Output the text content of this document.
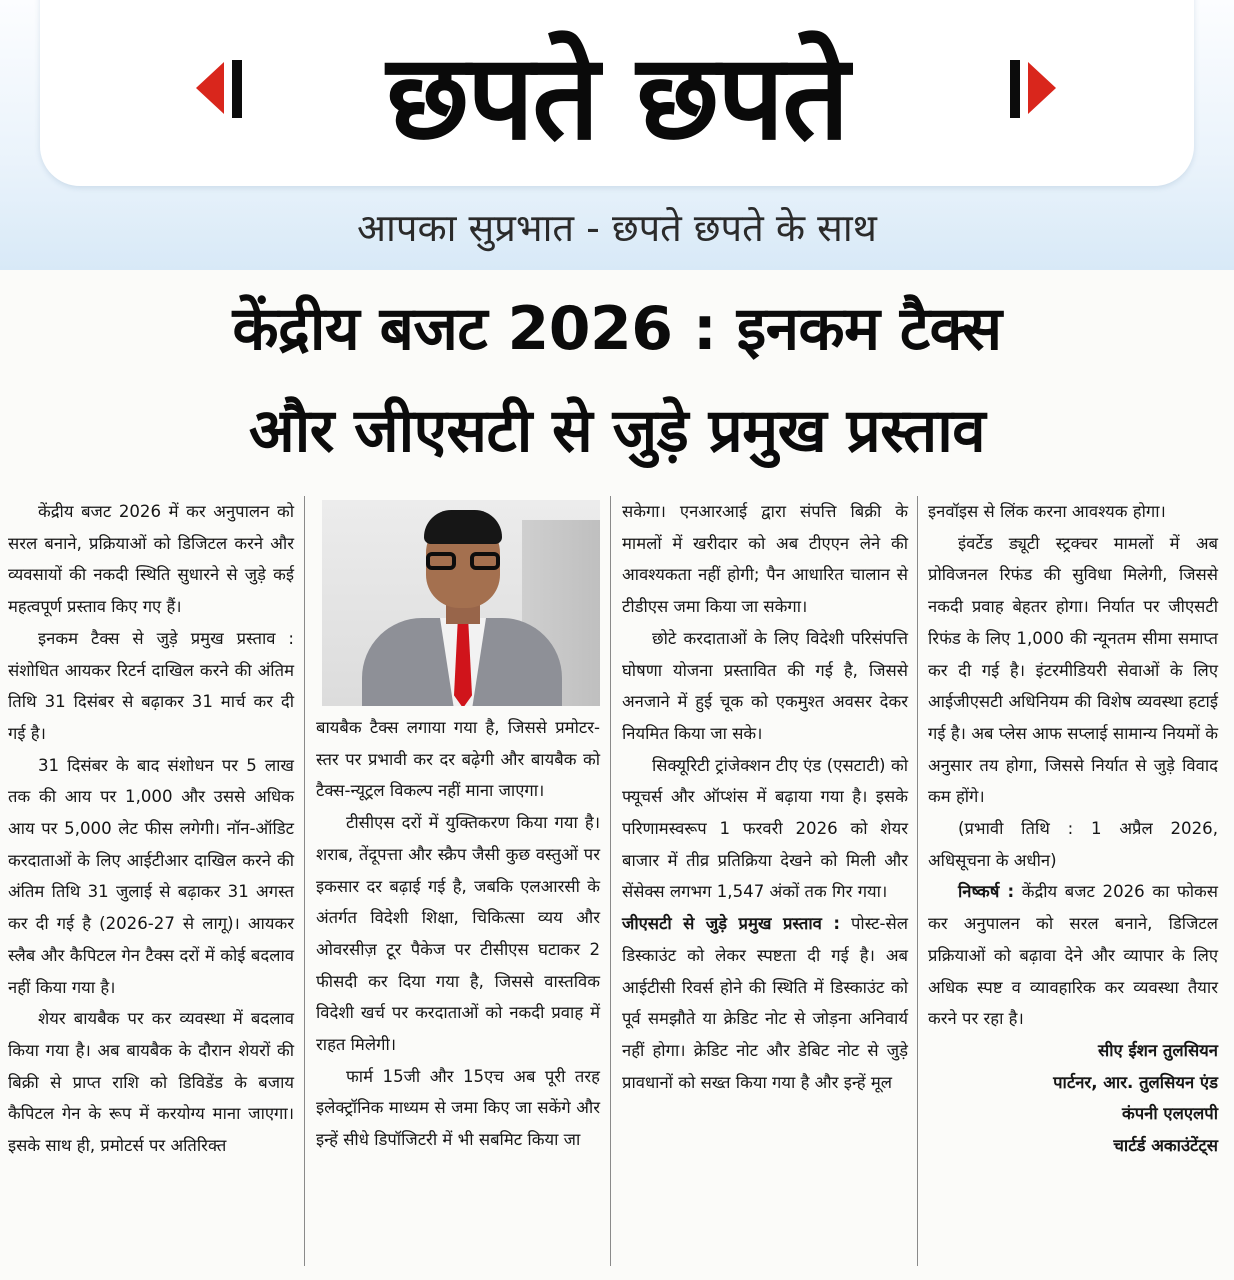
छपते छपते
आपका सुप्रभात - छपते छपते के साथ
केंद्रीय बजट 2026 : इनकम टैक्स
और जीएसटी से जुड़े प्रमुख प्रस्ताव

केंद्रीय बजट 2026 में कर अनुपालन को सरल बनाने, प्रक्रियाओं को डिजिटल करने और व्यवसायों की नकदी स्थिति सुधारने से जुड़े कई महत्वपूर्ण प्रस्ताव किए गए हैं।

इनकम टैक्स से जुड़े प्रमुख प्रस्ताव : संशोधित आयकर रिटर्न दाखिल करने की अंतिम तिथि 31 दिसंबर से बढ़ाकर 31 मार्च कर दी गई है।

31 दिसंबर के बाद संशोधन पर 5 लाख तक की आय पर 1,000 और उससे अधिक आय पर 5,000 लेट फीस लगेगी। नॉन-ऑडिट करदाताओं के लिए आईटीआर दाखिल करने की अंतिम तिथि 31 जुलाई से बढ़ाकर 31 अगस्त कर दी गई है (2026-27 से लागू)। आयकर स्लैब और कैपिटल गेन टैक्स दरों में कोई बदलाव नहीं किया गया है।

शेयर बायबैक पर कर व्यवस्था में बदलाव किया गया है। अब बायबैक के दौरान शेयरों की बिक्री से प्राप्त राशि को डिविडेंड के बजाय कैपिटल गेन के रूप में करयोग्य माना जाएगा। इसके साथ ही, प्रमोटर्स पर अतिरिक्त

बायबैक टैक्स लगाया गया है, जिससे प्रमोटर-स्तर पर प्रभावी कर दर बढ़ेगी और बायबैक को टैक्स-न्यूट्रल विकल्प नहीं माना जाएगा।

टीसीएस दरों में युक्तिकरण किया गया है। शराब, तेंदूपत्ता और स्क्रैप जैसी कुछ वस्तुओं पर इकसार दर बढ़ाई गई है, जबकि एलआरसी के अंतर्गत विदेशी शिक्षा, चिकित्सा व्यय और ओवरसीज़ टूर पैकेज पर टीसीएस घटाकर 2 फीसदी कर दिया गया है, जिससे वास्तविक विदेशी खर्च पर करदाताओं को नकदी प्रवाह में राहत मिलेगी।

फार्म 15जी और 15एच अब पूरी तरह इलेक्ट्रॉनिक माध्यम से जमा किए जा सकेंगे और इन्हें सीधे डिपॉजिटरी में भी सबमिट किया जा

सकेगा। एनआरआई द्वारा संपत्ति बिक्री के मामलों में खरीदार को अब टीएएन लेने की आवश्यकता नहीं होगी; पैन आधारित चालान से टीडीएस जमा किया जा सकेगा।

छोटे करदाताओं के लिए विदेशी परिसंपत्ति घोषणा योजना प्रस्तावित की गई है, जिससे अनजाने में हुई चूक को एकमुश्त अवसर देकर नियमित किया जा सके।

सिक्यूरिटी ट्रांजेक्शन टीए एंड (एसटाटी) को फ्यूचर्स और ऑप्शंस में बढ़ाया गया है। इसके परिणामस्वरूप 1 फरवरी 2026 को शेयर बाजार में तीव्र प्रतिक्रिया देखने को मिली और सेंसेक्स लगभग 1,547 अंकों तक गिर गया।

जीएसटी से जुड़े प्रमुख प्रस्ताव : पोस्ट-सेल डिस्काउंट को लेकर स्पष्टता दी गई है। अब आईटीसी रिवर्स होने की स्थिति में डिस्काउंट को पूर्व समझौते या क्रेडिट नोट से जोड़ना अनिवार्य नहीं होगा। क्रेडिट नोट और डेबिट नोट से जुड़े प्रावधानों को सख्त किया गया है और इन्हें मूल

इनवॉइस से लिंक करना आवश्यक होगा।

इंवर्टेड ड्यूटी स्ट्रक्चर मामलों में अब प्रोविजनल रिफंड की सुविधा मिलेगी, जिससे नकदी प्रवाह बेहतर होगा। निर्यात पर जीएसटी रिफंड के लिए 1,000 की न्यूनतम सीमा समाप्त कर दी गई है। इंटरमीडियरी सेवाओं के लिए आईजीएसटी अधिनियम की विशेष व्यवस्था हटाई गई है। अब प्लेस आफ सप्लाई सामान्य नियमों के अनुसार तय होगा, जिससे निर्यात से जुड़े विवाद कम होंगे।

(प्रभावी तिथि : 1 अप्रैल 2026, अधिसूचना के अधीन)

निष्कर्ष : केंद्रीय बजट 2026 का फोकस कर अनुपालन को सरल बनाने, डिजिटल प्रक्रियाओं को बढ़ावा देने और व्यापार के लिए अधिक स्पष्ट व व्यावहारिक कर व्यवस्था तैयार करने पर रहा है।

सीए ईशन तुलसियन

पार्टनर, आर. तुलसियन एंड

कंपनी एलएलपी

चार्टर्ड अकाउंटेंट्स
